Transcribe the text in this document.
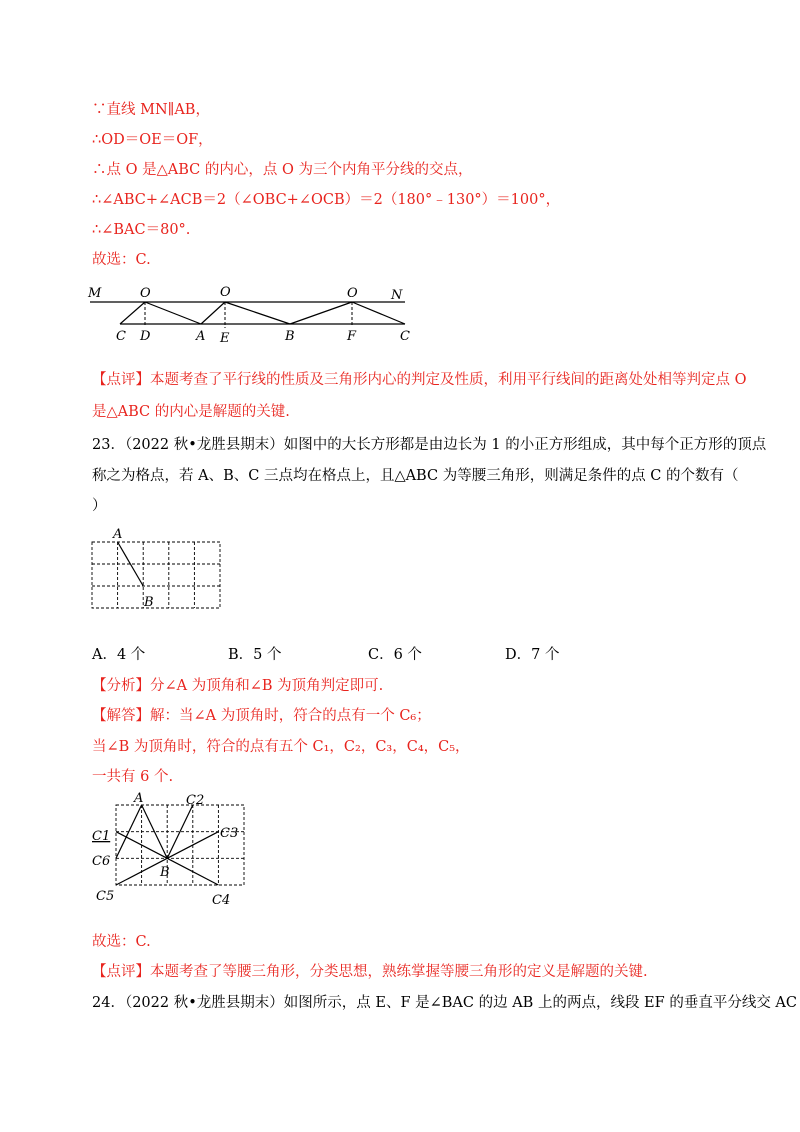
∵直线 MN∥AB，
∴OD＝OE＝OF，
∴点 O 是△ABC 的内心，点 O 为三个内角平分线的交点，
∴∠ABC+∠ACB＝2（∠OBC+∠OCB）＝2（180°﹣130°）＝100°，
∴∠BAC＝80°.
故选：C.
M	O	O	O	N
C D	A E	B	F	C
【点评】本题考查了平行线的性质及三角形内心的判定及性质，利用平行线间的距离处处相等判定点 O
是△ABC 的内心是解题的关键.
23．（2022 秋•龙胜县期末）如图中的大长方形都是由边长为 1 的小正方形组成，其中每个正方形的顶点
称之为格点，若 A、B、C 三点均在格点上，且△ABC 为等腰三角形，则满足条件的点 C 的个数有（
）
A
B
A．4 个	B．5 个	C．6 个	D．7 个
【分析】分∠A 为顶角和∠B 为顶角判定即可.
【解答】解：当∠A 为顶角时，符合的点有一个 C₆；
当∠B 为顶角时，符合的点有五个 C₁，C₂，C₃，C₄，C₅，
一共有 6 个.
A	C2
C1	C3
C6
B
C5	C4
故选：C.
【点评】本题考查了等腰三角形，分类思想，熟练掌握等腰三角形的定义是解题的关键.
24．（2022 秋•龙胜县期末）如图所示，点 E、F 是∠BAC 的边 AB 上的两点，线段 EF 的垂直平分线交 AC
